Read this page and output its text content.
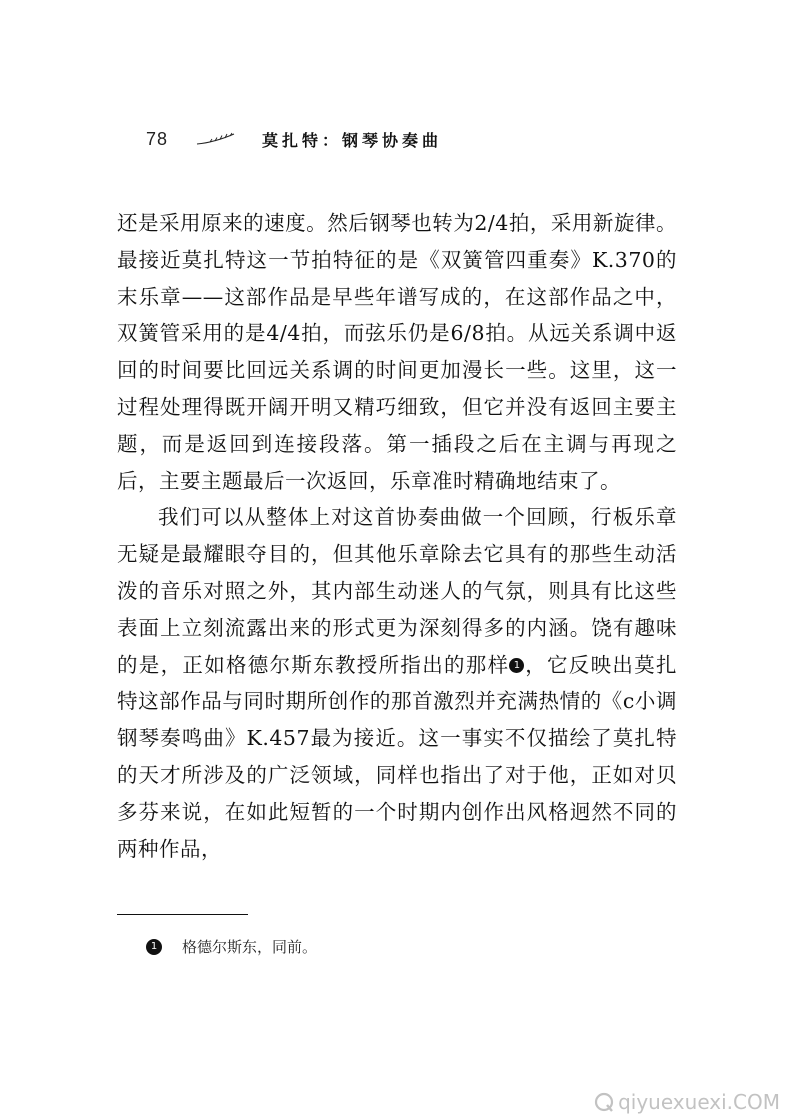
78	莫扎特：钢琴协奏曲

还是采用原来的速度。然后钢琴也转为2/4拍，采用新旋律。最接近莫扎特这一节拍特征的是《双簧管四重奏》K.370的末乐章——这部作品是早些年谱写成的，在这部作品之中，双簧管采用的是4/4拍，而弦乐仍是6/8拍。从远关系调中返回的时间要比回远关系调的时间更加漫长一些。这里，这一过程处理得既开阔开明又精巧细致，但它并没有返回主要主题，而是返回到连接段落。第一插段之后在主调与再现之后，主要主题最后一次返回，乐章准时精确地结束了。

我们可以从整体上对这首协奏曲做一个回顾，行板乐章无疑是最耀眼夺目的，但其他乐章除去它具有的那些生动活泼的音乐对照之外，其内部生动迷人的气氛，则具有比这些表面上立刻流露出来的形式更为深刻得多的内涵。饶有趣味的是，正如格德尔斯东教授所指出的那样 1 ，它反映出莫扎特这部作品与同时期所创作的那首激烈并充满热情的《c小调钢琴奏鸣曲》K.457最为接近。这一事实不仅描绘了莫扎特的天才所涉及的广泛领域，同样也指出了对于他，正如对贝多芬来说，在如此短暂的一个时期内创作出风格迥然不同的两种作品，

1	格德尔斯东，同前。
qiyuexuexi.COM
